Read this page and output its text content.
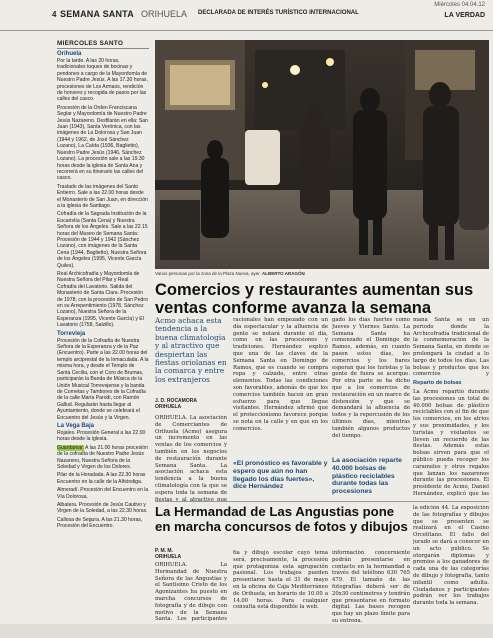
4 SEMANA SANTA ORIHUELA DECLARADA DE INTERÉS TURÍSTICO INTERNACIONAL
Miércoles 04.04.12
LA VERDAD
MIÉRCOLES SANTO
Orihuela
Por la tarde. A las 20 horas, tradicionales toques de bocinas y pendones a cargo de la Mayordomía de Nuestro Padre Jesús. A las 17.30 horas, procesiones de Los Armaos, rendición de honores y recogida de pasos por las calles del casco.
Procesión de la Orden Franciscana Seglar y Mayordomía de Nuestro Padre Jesús Nazareno. Desfilarán en ella: San Juan (1943), Santa Verónica, con las imágenes de La Dolorosa y San Juan (1944 y 1962, de José Sánchez Lozano), La Caída (1936, Baglietto), Nuestro Padre Jesús (1946, Sánchez Lozano). La procesión sale a las 19.30 horas desde la iglesia de Santa Ana y recorrerá en su itinerario las calles del casco.
Traslado de las imágenes del Santo Entierro. Sale a las 22.00 horas desde el Monasterio de San Juan, en dirección a la iglesia de Santiago.
Cofradía de la Sagrada Institución de la Eucaristía (Santa Cena) y Nuestra Señora de los Ángeles. Sale a las 22.15 horas del Museo de Semana Santa: Procesión de 1944 y 1942 (Sánchez Lozano), con imágenes de la Santa Cena (1944, Baglietto), Nuestra Señora de los Ángeles (1995, Vicente García Quiles).
Real Archicofradía y Mayordomía de Nuestra Señora del Pilar y Real Cofradía del Lavatorio. Salida del Monasterio de Santa Clara. Procesión de 1978, con la procesión de San Pedro en su Arrepentimiento (1978, Sánchez Lozano), Nuestra Señora de la Esperanza (1995, Vicente García) y El Lavatorio (1758, Salzillo).
Torrevieja
Procesión de la Cofradía de Nuestra Señora de la Esperanza y de la Paz (Encuentro). Parte a las 22.00 horas del templo arciprestal de la Inmaculada. A la misma hora, y desde el Templo de Santa Cecilia, con el Coro de Brumas, participarán la Banda de Música de la Unión Musical Torrevejense y la banda de Cornetas y Tambores de la Cofradía de la calle María Parodi, con Ramón Gallud. Regularán hasta llegar al Ayuntamiento, donde se celebrará el Encuentro del Jesús y la Virgen.
La Vega Baja
Rojales. Procesión General a las 22.00 horas desde la iglesia.
Guardamar. A las 21.00 horas procesión de la cofradía de Nuestro Padre Jesús Nazareno, Nuestra Señora de la Soledad y Virgen de los Dolores.
Pilar de la Horadada. A las 22.30 horas Encuentro en la calle de la Alhóndiga.
Almoradí. Procesión del Encuentro en la Vía Dolorosa.
Albatera. Procesión de Jesús Cautivo y Virgen de la Soledad, a las 22.30 horas.
Callosa de Segura. A las 21.30 horas, Procesión del Encuentro.
Varios personas por la zona de la Plaza Nueva, ayer. ALBERTO ARAGÓN
Comercios y restaurantes aumentan sus ventas conforme avanza la semana
Acmo achaca esta tendencia a la buena climatología y al atractivo que despiertan las fiestas oriolanas en la comarca y entre los extranjeros
J. D. ROCAMORA
ORIHUELA
ORIHUELA. La asociación de Comerciantes de Orihuela (Acmo) asegura un incremento en las ventas de los comercios y también en los negocios de restauración durante Semana Santa. La asociación achaca esta tendencia a la buena climatología con la que se espera toda la semana de fiestas y al atractivo que
racionales han empezado con un día espectacular y la afluencia de gente se notará durante el día, como en las procesiones y tradiciones. Hernández explicó que una de las claves de la Semana Santa en Domingo de Ramos, que es cuando se compra ropa y calzado, entre otras elementos. Todas las condiciones son favorables, además de que los comercios también hacen un gran esfuerzo para que llegue visitantes. Hernández afirmó que el proteccionismo favorece porque se nota en la calle y en que en los comercios.
«El pronóstico es favorable y espero que aún no han llegado los días fuertes», dice Hernández
gado los días fuertes como Jueves y Viernes Santo. La Semana Santa ha comenzado el Domingo de Ramos, además, en cuanto pasen estos días, los comercios y los bares esperan que los turistas y la gente de fuera se acerque. Por otra parte se ha dicho que a los comercios de restauración en un marco de distensión y que se demandará la afluencia de todos y la repercusión de los últimos días, mientras también algunos productos del tiempo.
La asociación reparte 40.000 bolsas de plástico reciclables durante todas las procesiones
mana Santa se en un periodo donde la Archicofradía tradicional de la conmemoración de la Semana Santa, en donde se prolongará la ciudad a lo largo de todos los días. Las bolsas y productos que los comercios y
Reparto de bolsas
La Acmo repartió durante las procesiones un total de 40.000 bolsas de plástico reciclables con el fin de que los comercios, en los atrios y sus proximidades, y los turistas y visitantes se lleven un recuerdo de las fiestas. Además estas bolsas sirven para que el público pueda recoger los caramelos y otros regalos que lanzan los nazarenos durante las procesiones. El presidente de Acmo, Daniel Hernández, explicó que las
La Hermandad de Las Angustias pone en marcha concursos de fotos y dibujos
P. M. M.
ORIHUELA
ORIHUELA. La Hermandad de Nuestra Señora de las Angustias y el Santísimo Cristo de los Agonizantes ha puesto en marcha concursos de fotografía y de dibujo con motivo de la Semana Santa. Los participantes
fía y dibujo escolar cuyo tema será, precisamente, la procesión que protagoniza esta agrupación pasional. Los trabajos pueden presentarse hasta el 31 de mayo en la oficina de Caja Mediterráneo de Orihuela, en horario de 10.00 a 14.00 horas. Para cualquier consulta está disponible la web.
información concerniente podrán presentarse en contacto en la hermandad a través del teléfono 630 765 479. El tamaño de las fotografías deberá ser de 20x30 centímetros y tendrán que presentarse en formato digital. Las bases recogen que hay un plazo límite para su entrega.
la edición 44. La exposición de las fotografías y dibujos que se presenten se realizará en el Casino Orcelitano. El fallo del jurado se dará a conocer en un acto público. Se otorgarán diplomas y premios a los ganadores de cada una de las categorías de dibujo y fotografía, tanto infantil como adulta. Ciudadanos y participantes podrán ver los trabajos durante toda la semana.
